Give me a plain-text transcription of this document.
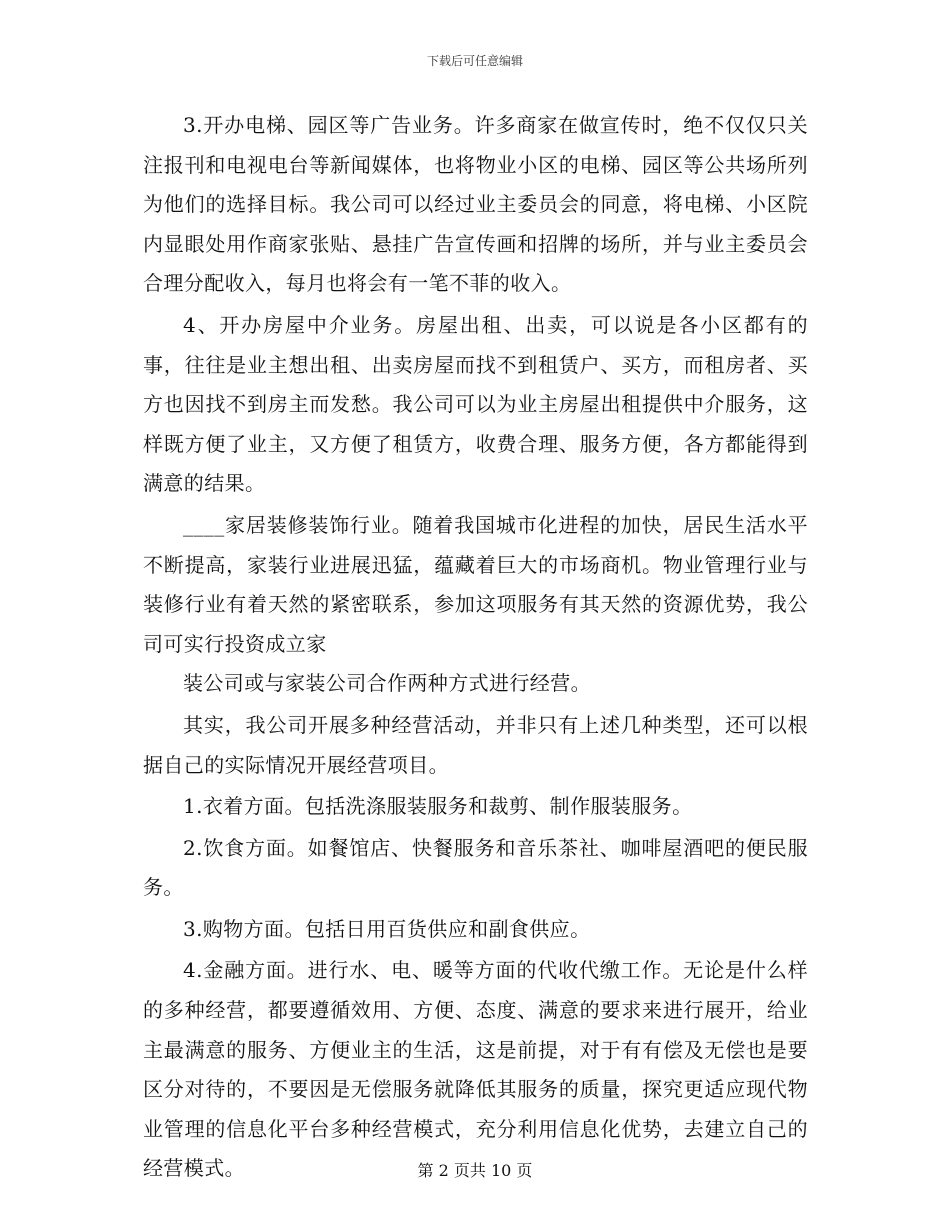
下载后可任意编辑

3.开办电梯、园区等广告业务。许多商家在做宣传时，绝不仅仅只关注报刊和电视电台等新闻媒体，也将物业小区的电梯、园区等公共场所列为他们的选择目标。我公司可以经过业主委员会的同意，将电梯、小区院内显眼处用作商家张贴、悬挂广告宣传画和招牌的场所，并与业主委员会合理分配收入，每月也将会有一笔不菲的收入。

4、开办房屋中介业务。房屋出租、出卖，可以说是各小区都有的事，往往是业主想出租、出卖房屋而找不到租赁户、买方，而租房者、买方也因找不到房主而发愁。我公司可以为业主房屋出租提供中介服务，这样既方便了业主，又方便了租赁方，收费合理、服务方便，各方都能得到满意的结果。

____家居装修装饰行业。随着我国城市化进程的加快，居民生活水平不断提高，家装行业进展迅猛，蕴藏着巨大的市场商机。物业管理行业与装修行业有着天然的紧密联系，参加这项服务有其天然的资源优势，我公司可实行投资成立家

装公司或与家装公司合作两种方式进行经营。

其实，我公司开展多种经营活动，并非只有上述几种类型，还可以根据自己的实际情况开展经营项目。

1.衣着方面。包括洗涤服装服务和裁剪、制作服装服务。

2.饮食方面。如餐馆店、快餐服务和音乐茶社、咖啡屋酒吧的便民服务。

3.购物方面。包括日用百货供应和副食供应。

4.金融方面。进行水、电、暖等方面的代收代缴工作。无论是什么样的多种经营，都要遵循效用、方便、态度、满意的要求来进行展开，给业主最满意的服务、方便业主的生活，这是前提，对于有有偿及无偿也是要区分对待的，不要因是无偿服务就降低其服务的质量，探究更适应现代物业管理的信息化平台多种经营模式，充分利用信息化优势，去建立自己的经营模式。	第 2 页共 10 页
